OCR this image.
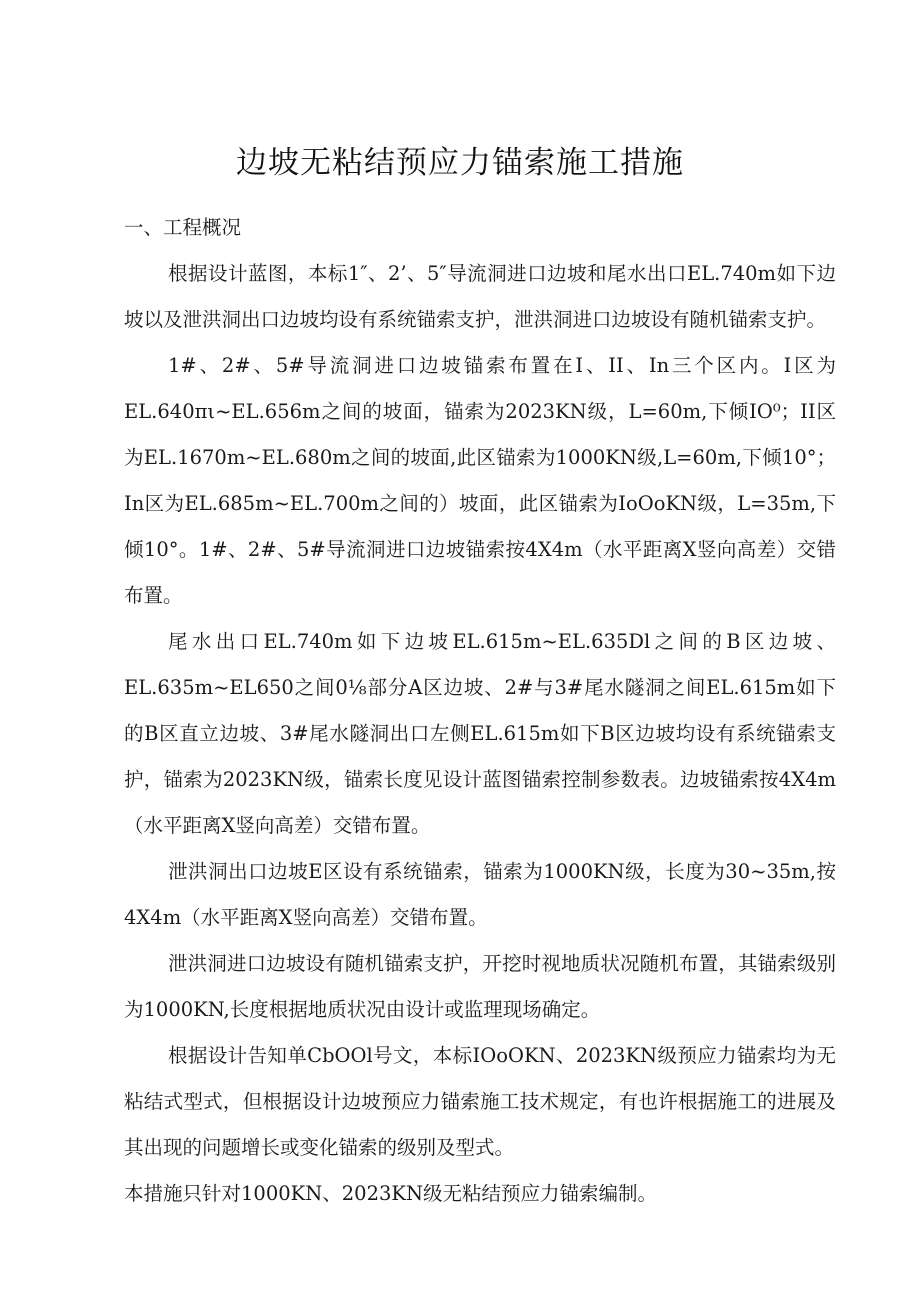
边坡无粘结预应力锚索施工措施

一、工程概况

根据设计蓝图，本标1″、2’、5″导流洞进口边坡和尾水出口EL.740m如下边坡以及泄洪洞出口边坡均设有系统锚索支护，泄洪洞进口边坡设有随机锚索支护。

1#、2#、5#导流洞进口边坡锚索布置在I、II、In三个区内。I区为EL.640πι~EL.656m之间的坡面，锚索为2023KN级，L=60m,下倾IO⁰；II区为EL.1670m~EL.680m之间的坡面,此区锚索为1000KN级,L=60m,下倾10°；In区为EL.685m~EL.700m之间的）坡面，此区锚索为IoOoKN级，L=35m,下倾10°。1#、2#、5#导流洞进口边坡锚索按4X4m（水平距离X竖向高差）交错布置。

尾水出口EL.740m如下边坡EL.615m~EL.635Dl之间的B区边坡、EL.635m~EL650之间0⅛部分A区边坡、2#与3#尾水隧洞之间EL.615m如下的B区直立边坡、3#尾水隧洞出口左侧EL.615m如下B区边坡均设有系统锚索支护，锚索为2023KN级，锚索长度见设计蓝图锚索控制参数表。边坡锚索按4X4m（水平距离X竖向高差）交错布置。

泄洪洞出口边坡E区设有系统锚索，锚索为1000KN级，长度为30~35m,按4X4m（水平距离X竖向高差）交错布置。

泄洪洞进口边坡设有随机锚索支护，开挖时视地质状况随机布置，其锚索级别为1000KN,长度根据地质状况由设计或监理现场确定。

根据设计告知单CbOOl号文，本标IOoOKN、2023KN级预应力锚索均为无粘结式型式，但根据设计边坡预应力锚索施工技术规定，有也许根据施工的进展及其出现的问题增长或变化锚索的级别及型式。

本措施只针对1000KN、2023KN级无粘结预应力锚索编制。
